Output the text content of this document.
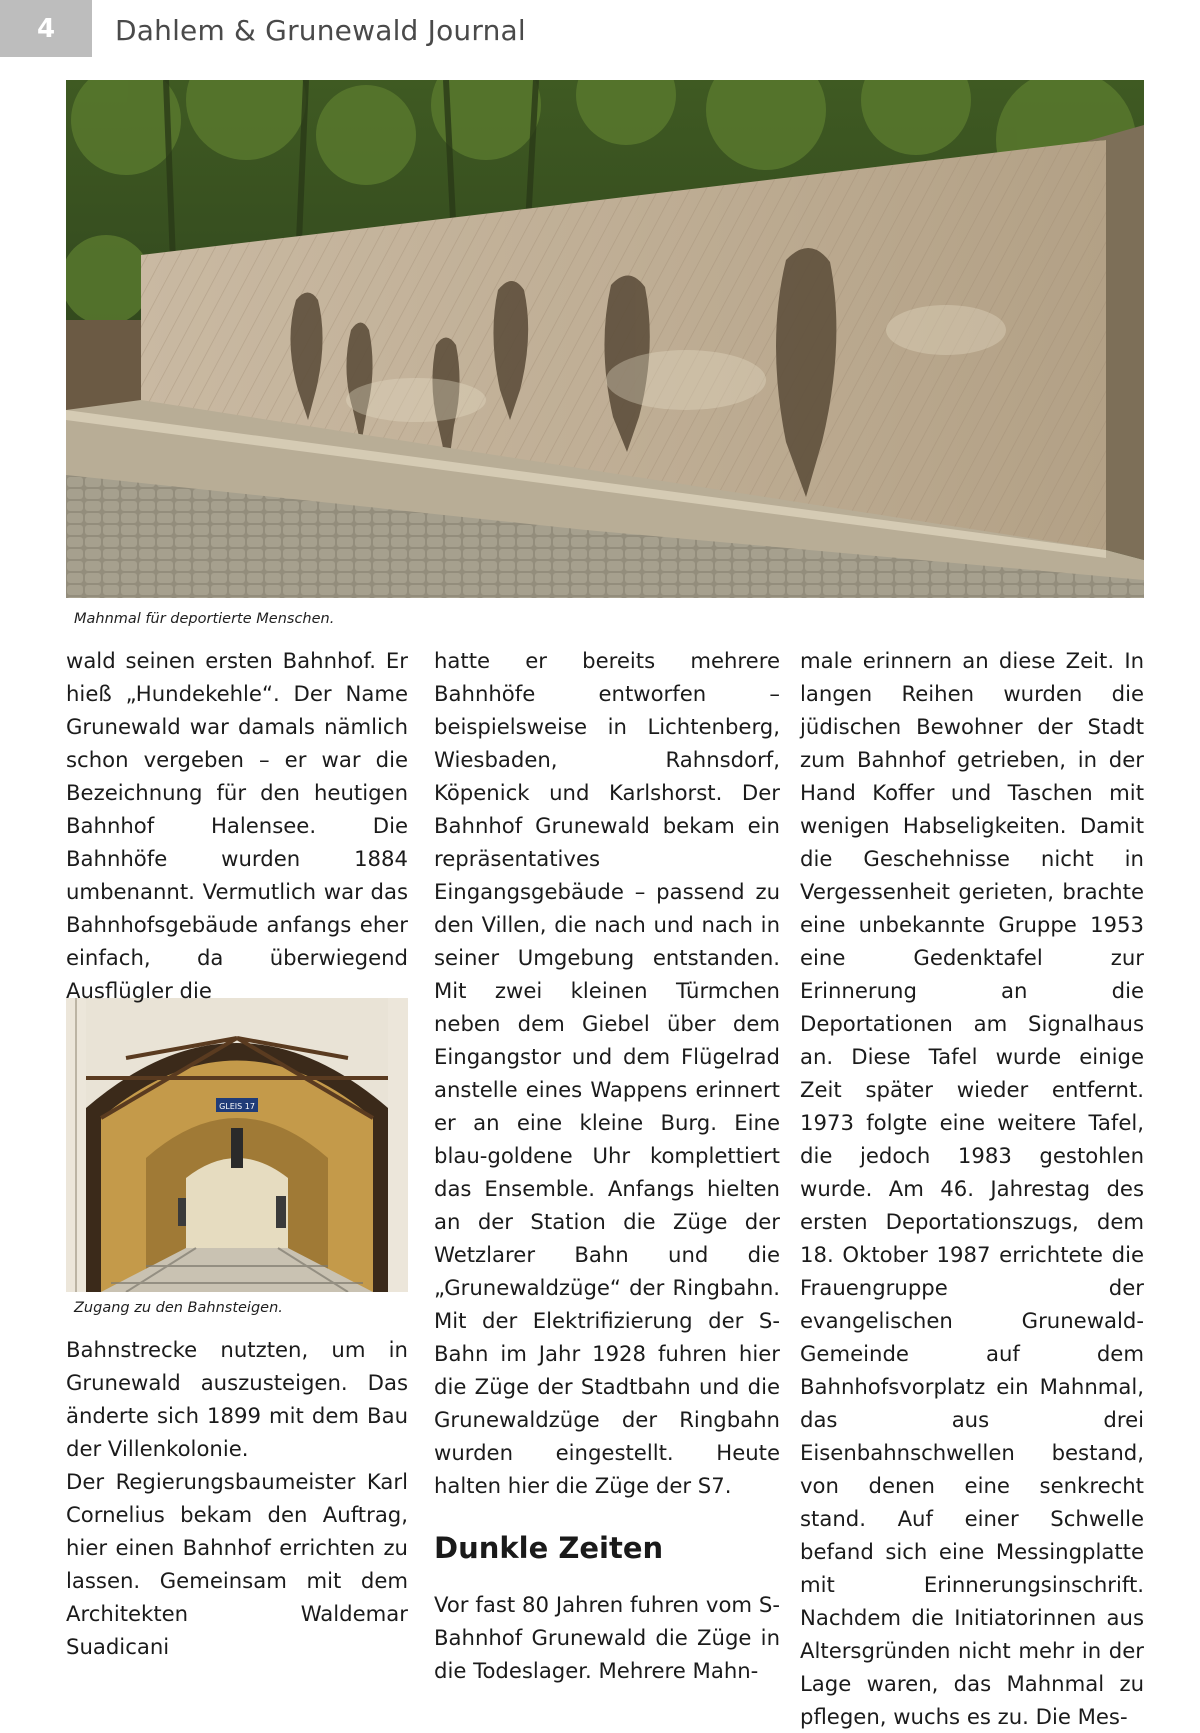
4 Dahlem & Grunewald Journal
Mahnmal für deportierte Menschen.
GLEIS 17
Zugang zu den Bahnsteigen.

wald seinen ersten Bahnhof. Er hieß „Hundekehle“. Der Name Grunewald war damals nämlich schon vergeben – er war die Bezeichnung für den heutigen Bahnhof Halensee. Die Bahnhöfe wurden 1884 umbenannt. Vermutlich war das Bahnhofsgebäude anfangs eher einfach, da überwiegend Ausflügler die

Bahnstrecke nutzten, um in Grunewald auszusteigen. Das änderte sich 1899 mit dem Bau der Villenkolonie.

Der Regierungsbaumeister Karl Cornelius bekam den Auftrag, hier einen Bahnhof errichten zu lassen. Gemeinsam mit dem Architekten Waldemar Suadicani

hatte er bereits mehrere Bahnhöfe entworfen – beispielsweise in Lichtenberg, Wiesbaden, Rahnsdorf, Köpenick und Karlshorst. Der Bahnhof Grunewald bekam ein repräsentatives Eingangsgebäude – passend zu den Villen, die nach und nach in seiner Umgebung entstanden. Mit zwei kleinen Türmchen neben dem Giebel über dem Eingangstor und dem Flügelrad anstelle eines Wappens erinnert er an eine kleine Burg. Eine blau-goldene Uhr komplettiert das Ensemble. Anfangs hielten an der Station die Züge der Wetzlarer Bahn und die „Grunewaldzüge“ der Ringbahn. Mit der Elektrifizierung der S-Bahn im Jahr 1928 fuhren hier die Züge der Stadtbahn und die Grunewaldzüge der Ringbahn wurden eingestellt. Heute halten hier die Züge der S7.

Dunkle Zeiten

Vor fast 80 Jahren fuhren vom S-Bahnhof Grunewald die Züge in die Todeslager. Mehrere Mahn-

male erinnern an diese Zeit. In langen Reihen wurden die jüdischen Bewohner der Stadt zum Bahnhof getrieben, in der Hand Koffer und Taschen mit wenigen Habseligkeiten. Damit die Geschehnisse nicht in Vergessenheit gerieten, brachte eine unbekannte Gruppe 1953 eine Gedenktafel zur Erinnerung an die Deportationen am Signalhaus an. Diese Tafel wurde einige Zeit später wieder entfernt. 1973 folgte eine weitere Tafel, die jedoch 1983 gestohlen wurde. Am 46. Jahrestag des ersten Deportationszugs, dem 18. Oktober 1987 errichtete die Frauengruppe der evangelischen Grunewald-Gemeinde auf dem Bahnhofsvorplatz ein Mahnmal, das aus drei Eisenbahnschwellen bestand, von denen eine senkrecht stand. Auf einer Schwelle befand sich eine Messingplatte mit Erinnerungsinschrift. Nachdem die Initiatorinnen aus Altersgründen nicht mehr in der Lage waren, das Mahnmal zu pflegen, wuchs es zu. Die Mes-
